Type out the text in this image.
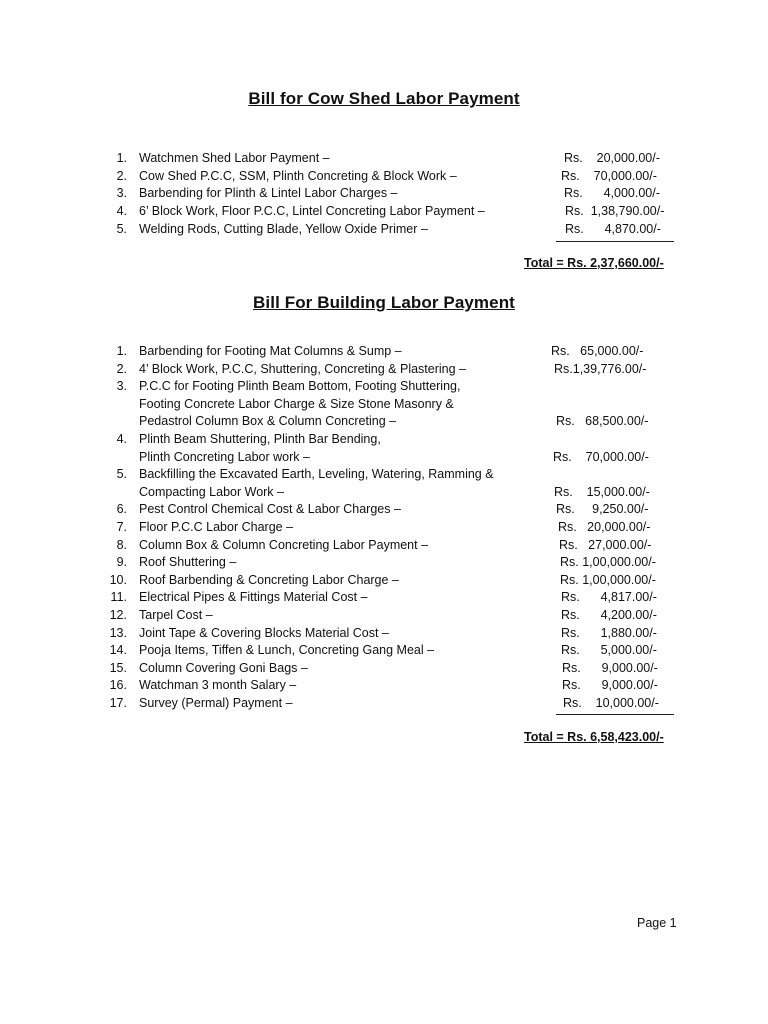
Bill for Cow Shed Labor Payment
1. Watchmen Shed Labor Payment –	Rs.    20,000.00/-
2. Cow Shed P.C.C, SSM, Plinth Concreting & Block Work –	Rs.    70,000.00/-
3. Barbending for Plinth & Lintel Labor Charges –	Rs.      4,000.00/-
4. 6’ Block Work, Floor P.C.C, Lintel Concreting Labor Payment –	Rs.  1,38,790.00/-
5. Welding Rods, Cutting Blade, Yellow Oxide Primer –	Rs.      4,870.00/-
Total = Rs. 2,37,660.00/-
Bill For Building Labor Payment
1. Barbending for Footing Mat Columns & Sump –	Rs.   65,000.00/-
2. 4’ Block Work, P.C.C, Shuttering, Concreting & Plastering –	Rs.1,39,776.00/-
3. P.C.C for Footing Plinth Beam Bottom, Footing Shuttering,
Footing Concrete Labor Charge & Size Stone Masonry &
Pedastrol Column Box & Column Concreting –	Rs.   68,500.00/-
4. Plinth Beam Shuttering, Plinth Bar Bending,
Plinth Concreting Labor work –	Rs.    70,000.00/-
5. Backfilling the Excavated Earth, Leveling, Watering, Ramming &
Compacting Labor Work –	Rs.    15,000.00/-
6. Pest Control Chemical Cost & Labor Charges –	Rs.     9,250.00/-
7. Floor P.C.C Labor Charge –	Rs.   20,000.00/-
8. Column Box & Column Concreting Labor Payment –	Rs.   27,000.00/-
9. Roof Shuttering –	Rs. 1,00,000.00/-
10. Roof Barbending & Concreting Labor Charge –	Rs. 1,00,000.00/-
11. Electrical Pipes & Fittings Material Cost –	Rs.      4,817.00/-
12. Tarpel Cost –	Rs.      4,200.00/-
13. Joint Tape & Covering Blocks Material Cost –	Rs.      1,880.00/-
14. Pooja Items, Tiffen & Lunch, Concreting Gang Meal –	Rs.      5,000.00/-
15. Column Covering Goni Bags –	Rs.      9,000.00/-
16. Watchman 3 month Salary –	Rs.      9,000.00/-
17. Survey (Permal) Payment –	Rs.    10,000.00/-
Total = Rs. 6,58,423.00/-
Page 1
